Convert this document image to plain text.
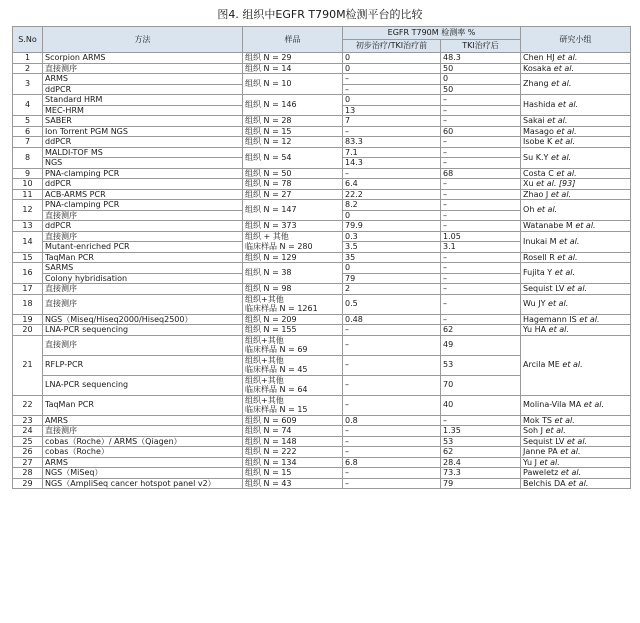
图4. 组织中EGFR T790M检测平台的比较
S.No	方法	样品	EGFR T790M 检测率 %		研究小组
			初步治疗/TKI治疗前	TKI治疗后	
1	Scorpion ARMS	组织 N = 29	0	48.3	Chen HJ et al.
2	直接测序	组织 N = 14	0	50	Kosaka et al.
3	ARMS	组织 N = 10	–	0	Zhang et al.
	ddPCR		–	50	
4	Standard HRM	组织 N = 146	0	–	Hashida et al.
	MEC-HRM		13	–	
5	SABER	组织 N = 28	7	–	Sakai et al.
6	Ion Torrent PGM NGS	组织 N = 15	–	60	Masago et al.
7	ddPCR	组织 N = 12	83.3	–	Isobe K et al.
8	MALDI-TOF MS	组织 N = 54	7.1	–	Su K.Y et al.
	NGS		14.3	–	
9	PNA-clamping PCR	组织 N = 50	–	68	Costa C et al.
10	ddPCR	组织 N = 78	6.4	–	Xu et al. [93]
11	ACB-ARMS PCR	组织 N = 27	22.2	–	Zhao J et al.
12	PNA-clamping PCR	组织 N = 147	8.2	–	Oh et al.
	直接测序		0	–	
13	ddPCR	组织 N = 373	79.9	–	Watanabe M et al.
14	直接测序	组织 + 其他
临床样品 N = 280	0.3	1.05	Inukai M et al.
	Mutant-enriched PCR		3.5	3.1	
15	TaqMan PCR	组织 N = 129	35	–	Rosell R et al.
16	SARMS	组织 N = 38	0	–	Fujita Y et al.
	Colony hybridisation		79	–	
17	直接测序	组织 N = 98	2	–	Sequist LV et al.
18	直接测序	组织+其他
临床样品 N = 1261	0.5	–	Wu JY et al.
19	NGS（Miseq/Hiseq2000/Hiseq2500）	组织 N = 209	0.48	–	Hagemann IS et al.
20	LNA-PCR sequencing	组织 N = 155	–	62	Yu HA et al.
21	直接测序	组织+其他
临床样品 N = 69	–	49	Arcila ME et al.
	RFLP-PCR	组织+其他
临床样品 N = 45	–	53	
	LNA-PCR sequencing	组织+其他
临床样品 N = 64	–	70	
22	TaqMan PCR	组织+其他
临床样品 N = 15	–	40	Molina-Vila MA et al.
23	AMRS	组织 N = 609	0.8	–	Mok TS et al.
24	直接测序	组织 N = 74	–	1.35	Soh J et al.
25	cobas（Roche）/ ARMS（Qiagen）	组织 N = 148	–	53	Sequist LV et al.
26	cobas（Roche）	组织 N = 222	–	62	Janne PA et al.
27	ARMS	组织 N = 134	6.8	28.4	Yu J et al.
28	NGS（MiSeq）	组织 N = 15	–	73.3	Paweletz et al.
29	NGS（AmpliSeq cancer hotspot panel v2）	组织 N = 43	–	79	Belchis DA et al.
